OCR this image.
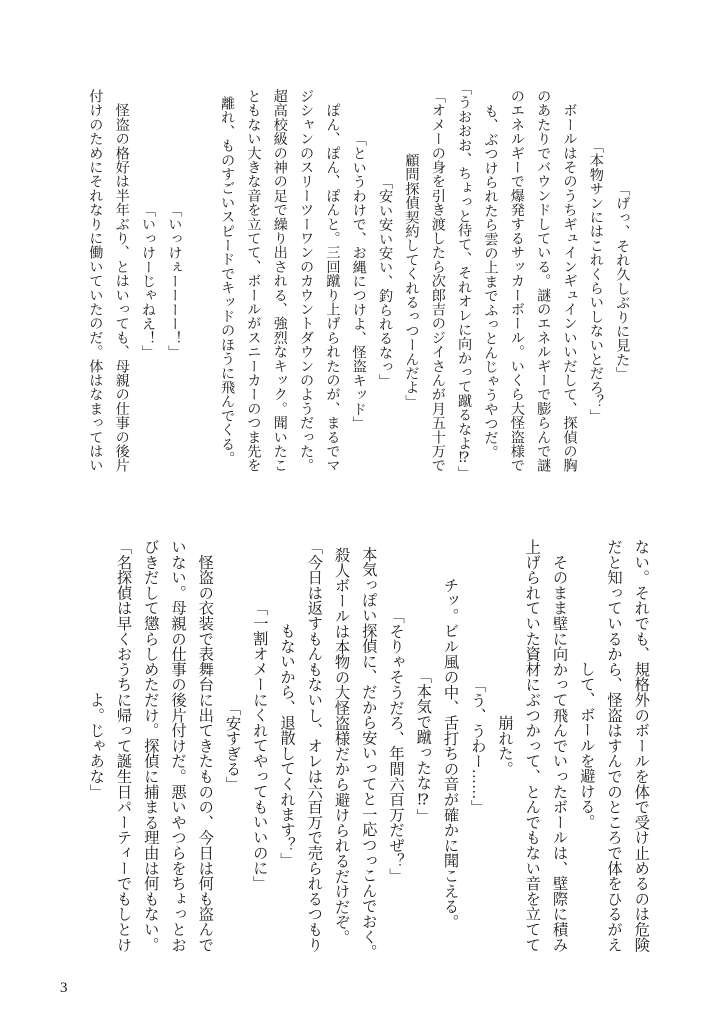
「げっ、それ久しぶりに見た」
「本物サンにはこれくらいしないとだろ？」
　ボールはそのうちギュインギュインいいだして、探偵の胸
のあたりでバウンドしている。謎のエネルギーで膨らんで謎
のエネルギーで爆発するサッカーボール。いくら大怪盗様で
も、ぶつけられたら雲の上までふっとんじゃうやつだ。
「うおおお、ちょっと待て、それオレに向かって蹴るなよ⁉」
「オメーの身を引き渡したら次郎吉のジイさんが月五十万で
顧問探偵契約してくれるっつーんだよ」
「安い安い安い、釣られるなっ」
「というわけで、お縄につけよ、怪盗キッド」
　ぽん、ぽん、ぽんと。三回蹴り上げられたのが、まるでマ
ジシャンのスリーツーワンのカウントダウンのようだった。
超高校級の神の足で繰り出される、強烈なキック。聞いたこ
ともない大きな音を立てて、ボールがスニーカーのつま先を
離れ、ものすごいスピードでキッドのほうに飛んでくる。
「いっけぇーーーー！」
「いっけーじゃねえ！」
　怪盗の格好は半年ぶり、とはいっても、母親の仕事の後片
付けのためにそれなりに働いていたのだ。体はなまってはい
ない。それでも、規格外のボールを体で受け止めるのは危険
だと知っているから、怪盗はすんでのところで体をひるがえ
して、ボールを避ける。
　そのまま壁に向かって飛んでいったボールは、壁際に積み
上げられていた資材にぶつかって、とんでもない音を立てて
崩れた。
「う、うわー……」
　チッ。ビル風の中、舌打ちの音が確かに聞こえる。
「本気で蹴ったな⁉」
「そりゃそうだろ、年間六百万だぜ？」
　本気っぽい探偵に、だから安いってと一応つっこんでおく。
殺人ボールは本物の大怪盗様だから避けられるだけだぞ。
「今日は返すもんもないし、オレは六百万で売られるつもり
もないから、退散してくれます？」
「一割オメーにくれてやってもいいのに」
「安すぎる」
　怪盗の衣装で表舞台に出てきたものの、今日は何も盗んで
いない。母親の仕事の後片付けだ。悪いやつらをちょっとお
びきだして懲らしめただけ。探偵に捕まる理由は何もない。
「名探偵は早くおうちに帰って誕生日パーティーでもしとけ
よ。じゃあな」
3
